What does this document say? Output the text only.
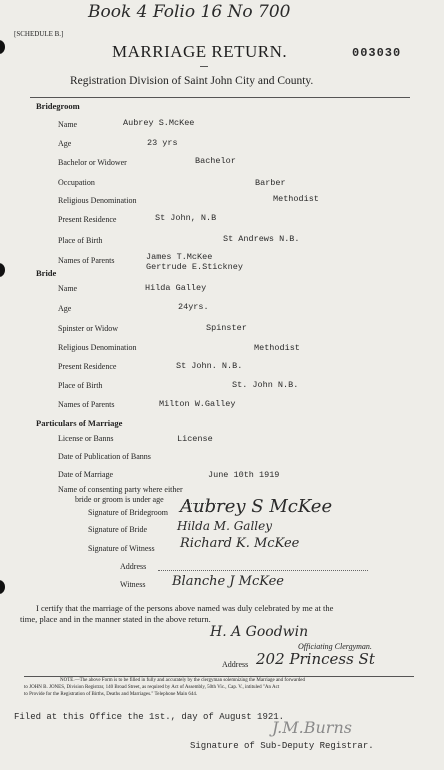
Book 4 Folio 16 No 700
[SCHEDULE B.]
MARRIAGE RETURN.	003030
Registration Division of Saint John City and County.
Bridegroom
Name	Aubrey S.McKee
Age	23 yrs
Bachelor or Widower	Bachelor
Occupation	Barber
Religious Denomination	Methodist
Present Residence	St John, N.B
Place of Birth	St Andrews N.B.
Names of Parents	James T.McKee
Gertrude E.Stickney
Bride
Name	Hilda Galley
Age	24yrs.
Spinster or Widow	Spinster
Religious Denomination	Methodist
Present Residence	St John. N.B.
Place of Birth	St. John N.B.
Names of Parents	Milton W.Galley
Particulars of Marriage
License or Banns	License
Date of Publication of Banns
Date of Marriage	June 10th 1919
Name of consenting party where either
bride or groom is under age
Signature of Bridegroom Aubrey S McKee
Signature of Bride Hilda M. Galley
Signature of Witness Richard K. McKee
Address
Witness Blanche J McKee
I certify that the marriage of the persons above named was duly celebrated by me at the
time, place and in the manner stated in the above return.
H. A Goodwin
Officiating Clergyman.
Address 202 Princess St
NOTE.—The above Form is to be filled in fully and accurately by the clergyman solemnizing the Marriage and forwarded
to JOHN B. JONES, Division Registrar, 140 Broad Street, as required by Act of Assembly, 50th Vic., Cap. V., intituled "An Act
to Provide for the Registration of Births, Deaths and Marriages." Telephone Main 644.
Filed at this Office the 1st., day of August 1921.
J.M.Burns
Signature of Sub-Deputy Registrar.
